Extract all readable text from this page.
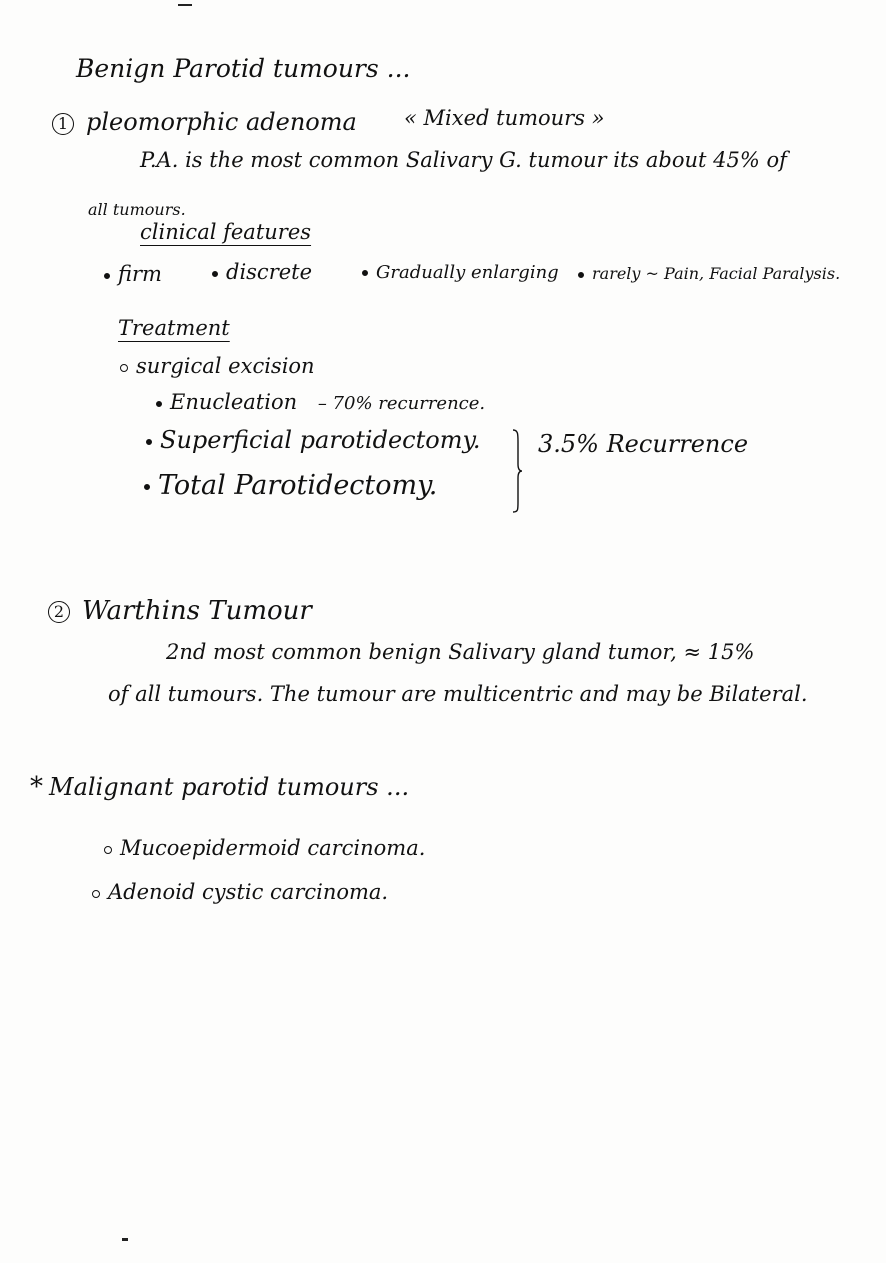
Benign Parotid tumours ...
1 pleomorphic adenoma « Mixed tumours »
P.A. is the most common Salivary G. tumour its about 45% of
all tumours.
clinical features
firm	discrete	Gradually enlarging	rarely ~ Pain, Facial Paralysis.
Treatment
surgical excision
Enucleation – 70% recurrence.
Superficial parotidectomy.
Total Parotidectomy.
3.5% Recurrence
2 Warthins Tumour
2nd most common benign Salivary gland tumor, ≈ 15%
of all tumours. The tumour are multicentric and may be Bilateral.
* Malignant parotid tumours ...
Mucoepidermoid carcinoma.
Adenoid cystic carcinoma.
